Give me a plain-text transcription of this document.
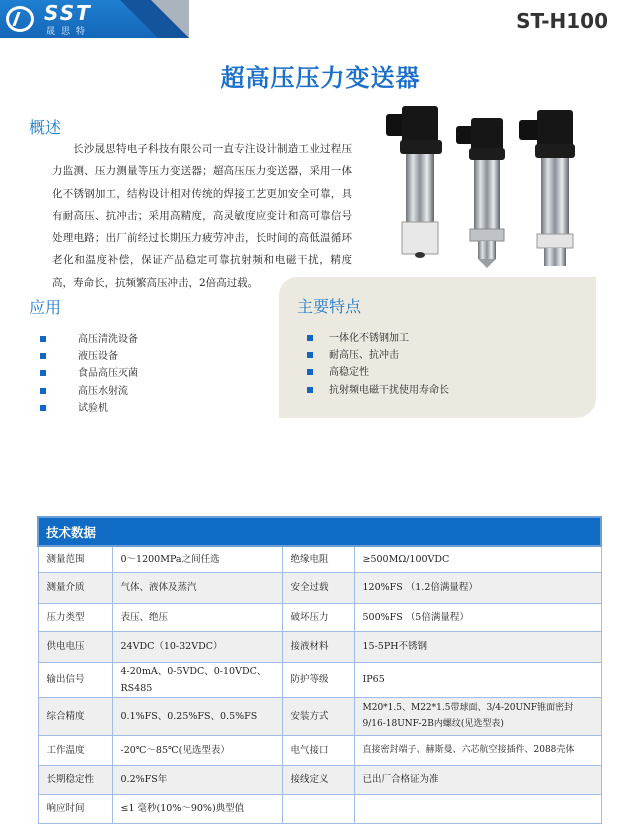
SST
晟思特	ST-H100
超高压压力变送器
概述

长沙晟思特电子科技有限公司一直专注设计制造工业过程压力监测、压力测量等压力变送器；超高压压力变送器，采用一体化不锈钢加工，结构设计相对传统的焊接工艺更加安全可靠，具有耐高压、抗冲击；采用高精度，高灵敏度应变计和高可靠信号处理电路；出厂前经过长期压力疲劳冲击，长时间的高低温循环老化和温度补偿，保证产品稳定可靠抗射频和电磁干扰，精度高，寿命长，抗频繁高压冲击，2倍高过载。

应用
高压清洗设备
液压设备
食品高压灭菌
高压水射流
试验机
主要特点
一体化不锈钢加工
耐高压、抗冲击
高稳定性
抗射频电磁干扰使用寿命长
技术数据			
测量范围	0～1200MPa之间任选	绝缘电阻	≥500MΩ/100VDC
测量介质	气体、液体及蒸汽	安全过载	120%FS （1.2倍满量程）
压力类型	表压、绝压	破坏压力	500%FS （5倍满量程）
供电电压	24VDC（10-32VDC）	接液材料	15-5PH不锈钢
输出信号	4-20mA、0-5VDC、0-10VDC、RS485	防护等级	IP65
综合精度	0.1%FS、0.25%FS、0.5%FS	安装方式	M20*1.5、M22*1.5带球面、3/4-20UNF锥面密封
9/16-18UNF-2B内螺纹(见选型表)

工作温度	-20℃～85℃(见选型表）	电气接口	直接密封端子、赫斯曼、六芯航空接插件、2088壳体
长期稳定性	0.2%FS年	接线定义	已出厂合格证为准
响应时间	≤1 毫秒(10%～90%)典型值		
